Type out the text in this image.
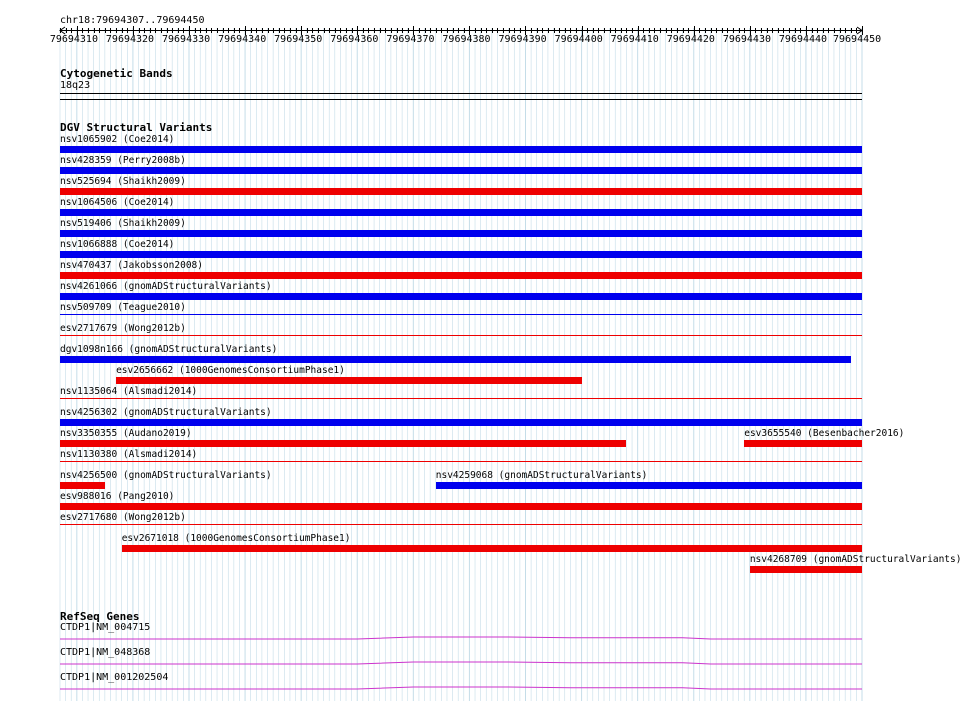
chr18:79694307..79694450
79694310 79694320 79694330 79694340 79694350 79694360 79694370 79694380 79694390 79694400 79694410 79694420 79694430 79694440 79694450
Cytogenetic Bands
18q23
DGV Structural Variants
nsv1065902 (Coe2014)
nsv428359 (Perry2008b)
nsv525694 (Shaikh2009)
nsv1064506 (Coe2014)
nsv519406 (Shaikh2009)
nsv1066888 (Coe2014)
nsv470437 (Jakobsson2008)
nsv4261066 (gnomADStructuralVariants)
nsv509709 (Teague2010)
esv2717679 (Wong2012b)
dgv1098n166 (gnomADStructuralVariants)
esv2656662 (1000GenomesConsortiumPhase1)
nsv1135064 (Alsmadi2014)
nsv4256302 (gnomADStructuralVariants)
nsv3350355 (Audano2019)	esv3655540 (Besenbacher2016)
nsv1130380 (Alsmadi2014)
nsv4256500 (gnomADStructuralVariants)	nsv4259068 (gnomADStructuralVariants)
esv988016 (Pang2010)
esv2717680 (Wong2012b)
esv2671018 (1000GenomesConsortiumPhase1)
nsv4268709 (gnomADStructuralVariants)
RefSeq Genes
CTDP1|NM_004715
CTDP1|NM_048368
CTDP1|NM_001202504
